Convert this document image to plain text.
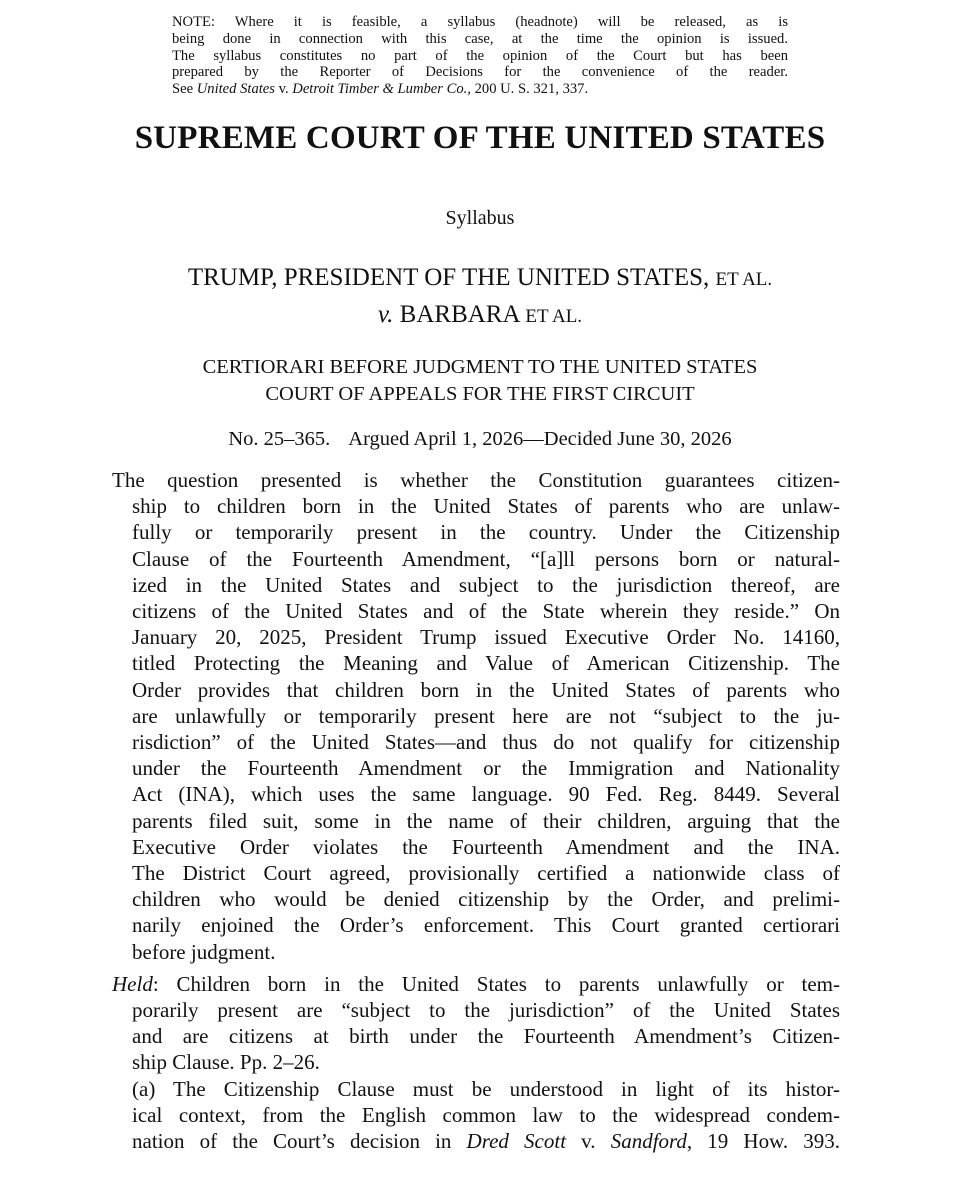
NOTE: Where it is feasible, a syllabus (headnote) will be released, as is
being done in connection with this case, at the time the opinion is issued.
The syllabus constitutes no part of the opinion of the Court but has been
prepared by the Reporter of Decisions for the convenience of the reader.
See United States v. Detroit Timber & Lumber Co., 200 U. S. 321, 337.
SUPREME COURT OF THE UNITED STATES
Syllabus
TRUMP, PRESIDENT OF THE UNITED STATES, ET AL.
v. BARBARA ET AL.
CERTIORARI BEFORE JUDGMENT TO THE UNITED STATES
COURT OF APPEALS FOR THE FIRST CIRCUIT
No. 25–365. Argued April 1, 2026—Decided June 30, 2026
The question presented is whether the Constitution guarantees citizen-
ship to children born in the United States of parents who are unlaw-
fully or temporarily present in the country. Under the Citizenship
Clause of the Fourteenth Amendment, “[a]ll persons born or natural-
ized in the United States and subject to the jurisdiction thereof, are
citizens of the United States and of the State wherein they reside.” On
January 20, 2025, President Trump issued Executive Order No. 14160,
titled Protecting the Meaning and Value of American Citizenship. The
Order provides that children born in the United States of parents who
are unlawfully or temporarily present here are not “subject to the ju-
risdiction” of the United States—and thus do not qualify for citizenship
under the Fourteenth Amendment or the Immigration and Nationality
Act (INA), which uses the same language. 90 Fed. Reg. 8449. Several
parents filed suit, some in the name of their children, arguing that the
Executive Order violates the Fourteenth Amendment and the INA.
The District Court agreed, provisionally certified a nationwide class of
children who would be denied citizenship by the Order, and prelimi-
narily enjoined the Order’s enforcement. This Court granted certiorari
before judgment.
Held: Children born in the United States to parents unlawfully or tem-
porarily present are “subject to the jurisdiction” of the United States
and are citizens at birth under the Fourteenth Amendment’s Citizen-
ship Clause. Pp. 2–26.
(a) The Citizenship Clause must be understood in light of its histor-
ical context, from the English common law to the widespread condem-
nation of the Court’s decision in Dred Scott v. Sandford, 19 How. 393.
